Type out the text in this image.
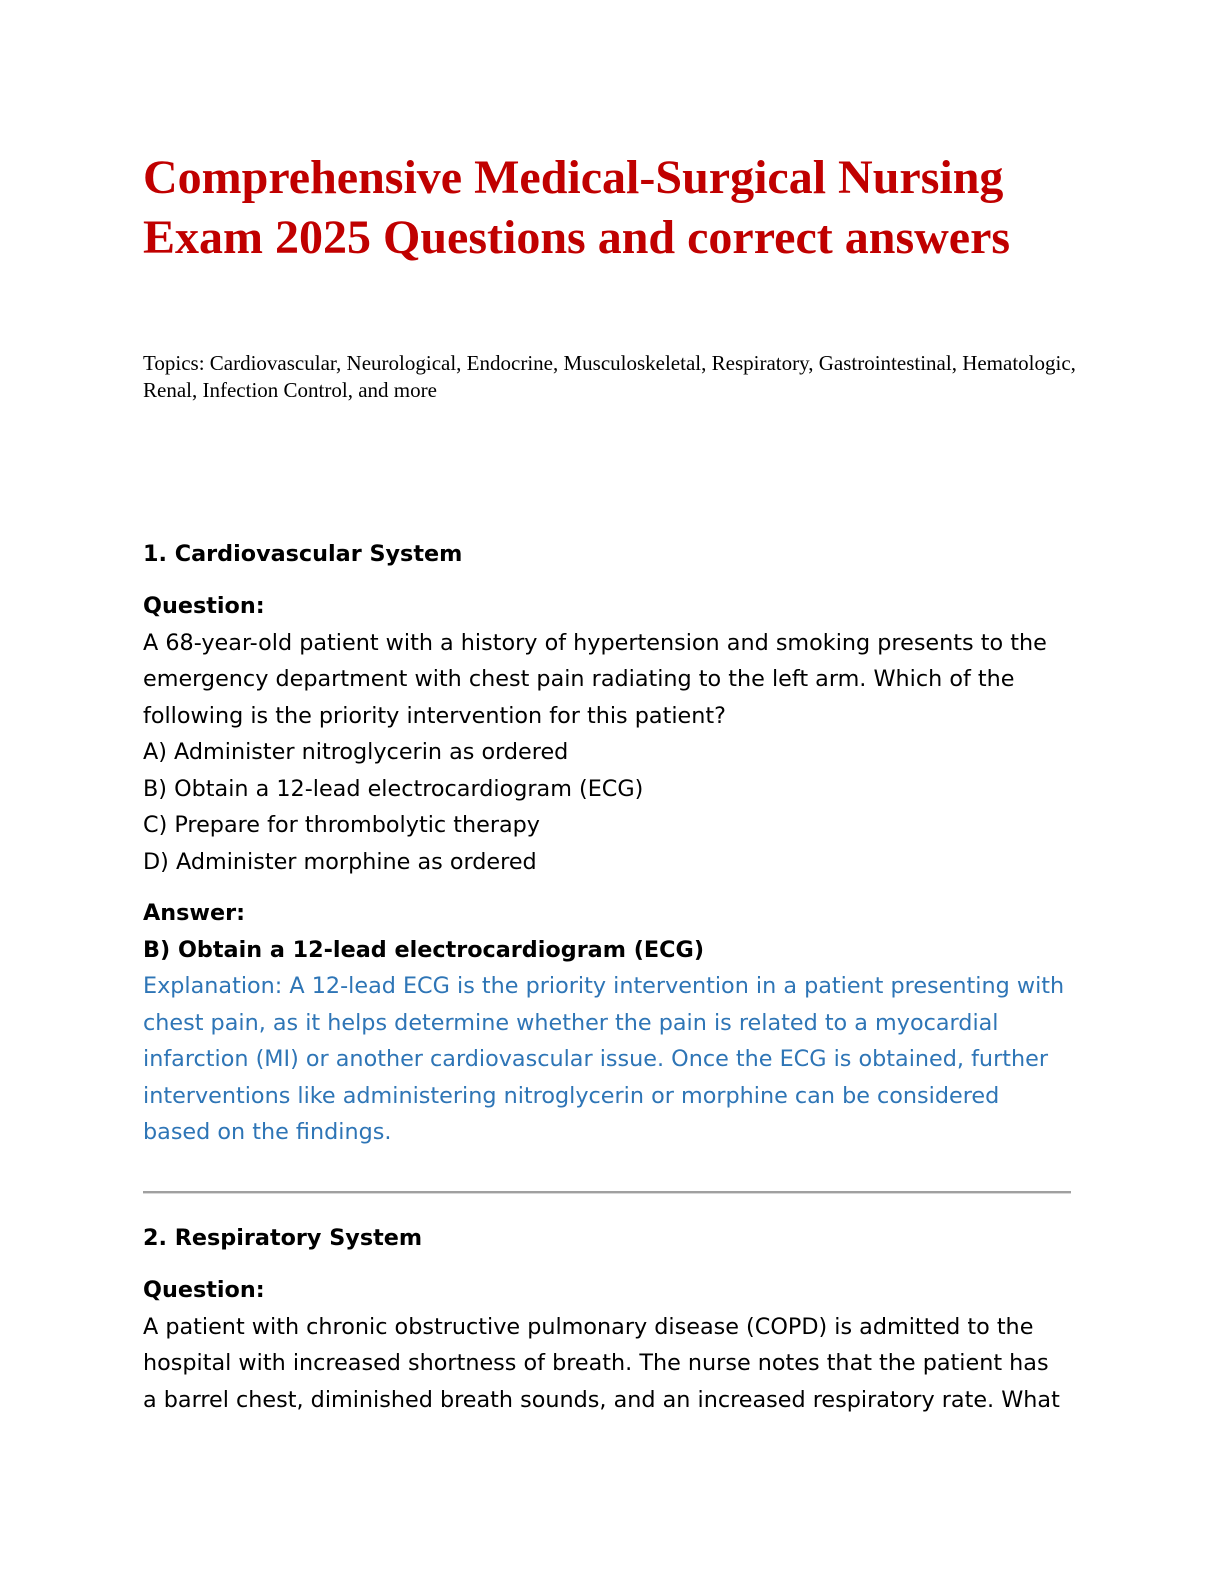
Comprehensive Medical-Surgical Nursing Exam 2025 Questions and correct answers

Topics: Cardiovascular, Neurological, Endocrine, Musculoskeletal, Respiratory, Gastrointestinal, Hematologic, Renal, Infection Control, and more

1. Cardiovascular System
Question:
A 68-year-old patient with a history of hypertension and smoking presents to the
emergency department with chest pain radiating to the left arm. Which of the
following is the priority intervention for this patient?
A) Administer nitroglycerin as ordered
B) Obtain a 12-lead electrocardiogram (ECG)
C) Prepare for thrombolytic therapy
D) Administer morphine as ordered
Answer:
B) Obtain a 12-lead electrocardiogram (ECG)
Explanation: A 12-lead ECG is the priority intervention in a patient presenting with
chest pain, as it helps determine whether the pain is related to a myocardial
infarction (MI) or another cardiovascular issue. Once the ECG is obtained, further
interventions like administering nitroglycerin or morphine can be considered
based on the findings.
2. Respiratory System
Question:
A patient with chronic obstructive pulmonary disease (COPD) is admitted to the
hospital with increased shortness of breath. The nurse notes that the patient has
a barrel chest, diminished breath sounds, and an increased respiratory rate. What
